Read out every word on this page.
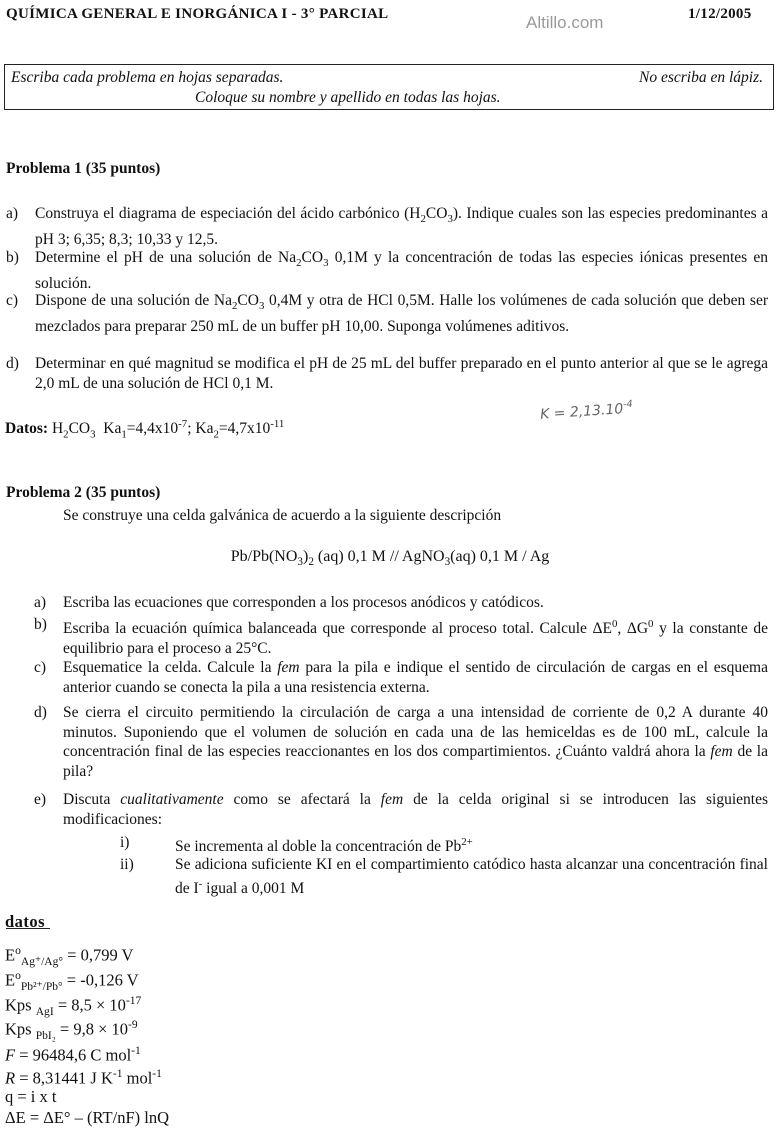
QUÍMICA GENERAL E INORGÁNICA I - 3° PARCIAL	Altillo.com	1/12/2005
Escriba cada problema en hojas separadas.	No escriba en lápiz.
Coloque su nombre y apellido en todas las hojas.
Problema 1 (35 puntos)
a) Construya el diagrama de especiación del ácido carbónico $(H_2CO_3)$. Indique cuales son las especies predominantes a pH 3; 6,35; 8,3; 10,33 y 12,5.
b) Determine el pH de una solución de $Na_2CO_3$ 0,1M y la concentración de todas las especies iónicas presentes en solución.
c) Dispone de una solución de $Na_2CO_3$ 0,4M y otra de HCl 0,5M. Halle los volúmenes de cada solución que deben ser mezclados para preparar 250 mL de un buffer pH 10,00. Suponga volúmenes aditivos.
d) Determinar en qué magnitud se modifica el pH de 25 mL del buffer preparado en el punto anterior al que se le agrega 2,0 mL de una solución de HCl 0,1 M.
Datos: $H_2CO_3$ $Ka_1=4,4x10^{-7}$; $Ka_2=4,7x10^{-11}$
$K = 2,13.10^{-4}$
Problema 2 (35 puntos)
Se construye una celda galvánica de acuerdo a la siguiente descripción
$Pb/Pb(NO_3)_2$ (aq) 0,1 M // AgNO$_3$(aq) 0,1 M / Ag
a) Escriba las ecuaciones que corresponden a los procesos anódicos y catódicos.
b) Escriba la ecuación química balanceada que corresponde al proceso total. Calcule $\Delta E^0$, $\Delta G^0$ y la constante de equilibrio para el proceso a 25°C.
c) Esquematice la celda. Calcule la fem para la pila e indique el sentido de circulación de cargas en el esquema anterior cuando se conecta la pila a una resistencia externa.
d) Se cierra el circuito permitiendo la circulación de carga a una intensidad de corriente de 0,2 A durante 40 minutos. Suponiendo que el volumen de solución en cada una de las hemiceldas es de 100 mL, calcule la concentración final de las especies reaccionantes en los dos compartimientos. ¿Cuánto valdrá ahora la fem de la pila?
e) Discuta cualitativamente como se afectará la fem de la celda original si se introducen las siguientes modificaciones:
i)	Se incrementa al doble la concentración de $Pb^{2+}$
ii)	Se adiciona suficiente KI en el compartimiento catódico hasta alcanzar una concentración final de I- igual a 0,001 M
datos
$E^o_{Ag^+/Ag^\circ} = 0,799$ V
$E^o_{Pb^{2+}/Pb^\circ} = -0,126$ V
Kps $_{AgI} = 8,5 \times 10^{-17}$
Kps $_{PbI_2} = 9,8 \times 10^{-9}$
F = 96484,6 C mol$^{-1}$
R = 8,31441 J $K^{-1}$ mol$^{-1}$
q = i x t
ΔE = ΔE° – (RT/nF) lnQ
